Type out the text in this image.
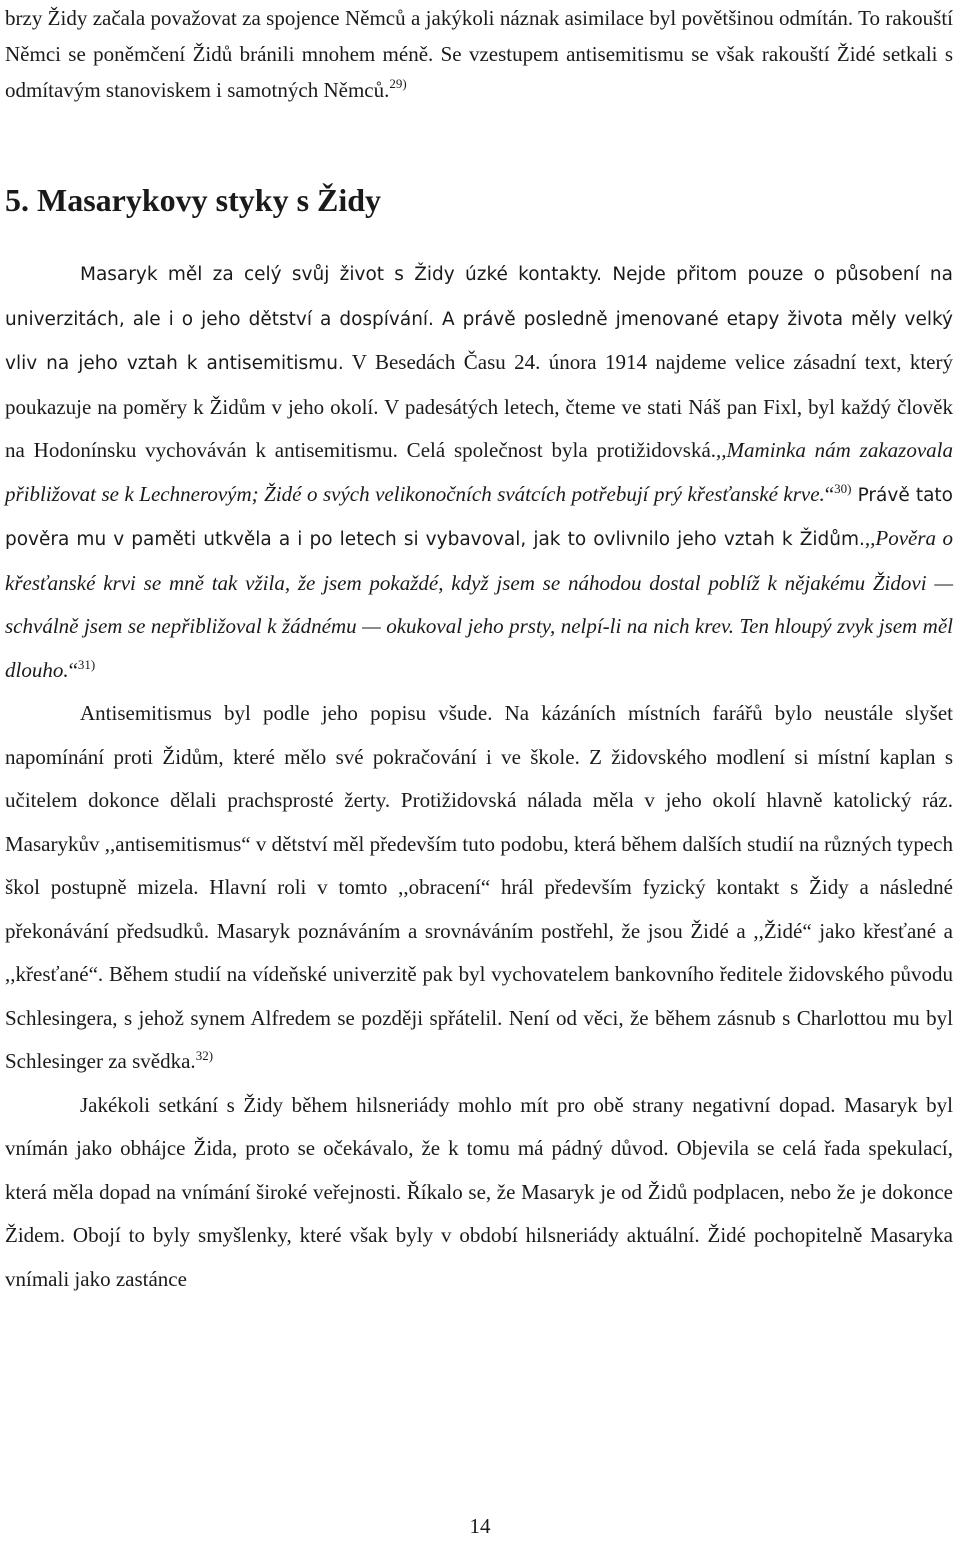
brzy Židy začala považovat za spojence Němců a jakýkoli náznak asimilace byl povětšinou odmítán. To rakouští Němci se poněmčení Židů bránili mnohem méně. Se vzestupem antisemitismu se však rakouští Židé setkali s odmítavým stanoviskem i samotných Němců.$^{29)}$

5. Masarykovy styky s Židy

Masaryk měl za celý svůj život s Židy úzké kontakty. Nejde přitom pouze o působení na univerzitách, ale i o jeho dětství a dospívání. A právě posledně jmenované etapy života měly velký vliv na jeho vztah k antisemitismu. V Besedách Času 24. února 1914 najdeme velice zásadní text, který poukazuje na poměry k Židům v jeho okolí. V padesátých letech, čteme ve stati Náš pan Fixl, byl každý člověk na Hodonínsku vychováván k antisemitismu. Celá společnost byla protižidovská.,,Maminka nám zakazovala přibližovat se k Lechnerovým; Židé o svých velikonočních svátcích potřebují prý křesťanské krve.“$^{30)}$ Právě tato pověra mu v paměti utkvěla a i po letech si vybavoval, jak to ovlivnilo jeho vztah k Židům.,,Pověra o křesťanské krvi se mně tak vžila, že jsem pokaždé, když jsem se náhodou dostal poblíž k nějakému Židovi — schválně jsem se nepřibližoval k žádnému — okukoval jeho prsty, nelpí-li na nich krev. Ten hloupý zvyk jsem měl dlouho.“$^{31)}$

Antisemitismus byl podle jeho popisu všude. Na kázáních místních farářů bylo neustále slyšet napomínání proti Židům, které mělo své pokračování i ve škole. Z židovského modlení si místní kaplan s učitelem dokonce dělali prachsprosté žerty. Protižidovská nálada měla v jeho okolí hlavně katolický ráz. Masarykův ,,antisemitismus“ v dětství měl především tuto podobu, která během dalších studií na různých typech škol postupně mizela. Hlavní roli v tomto ,,obracení“ hrál především fyzický kontakt s Židy a následné překonávání předsudků. Masaryk poznáváním a srovnáváním postřehl, že jsou Židé a ,,Židé“ jako křesťané a ,,křesťané“. Během studií na vídeňské univerzitě pak byl vychovatelem bankovního ředitele židovského původu Schlesingera, s jehož synem Alfredem se později spřátelil. Není od věci, že během zásnub s Charlottou mu byl Schlesinger za svědka.$^{32)}$

Jakékoli setkání s Židy během hilsneriády mohlo mít pro obě strany negativní dopad. Masaryk byl vnímán jako obhájce Žida, proto se očekávalo, že k tomu má pádný důvod. Objevila se celá řada spekulací, která měla dopad na vnímání široké veřejnosti. Říkalo se, že Masaryk je od Židů podplacen, nebo že je dokonce Židem. Obojí to byly smyšlenky, které však byly v období hilsneriády aktuální. Židé pochopitelně Masaryka vnímali jako zastánce

14
